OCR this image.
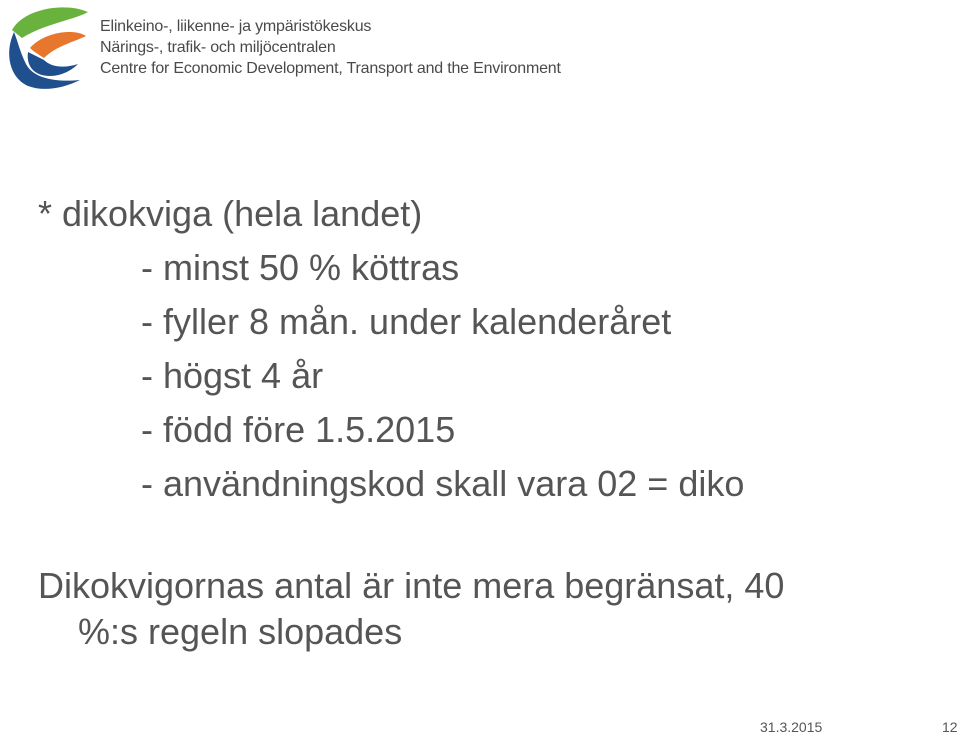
Elinkeino-, liikenne- ja ympäristökeskus
Närings-, trafik- och miljöcentralen
Centre for Economic Development, Transport and the Environment
* dikokviga (hela landet)
- minst 50 % köttras
- fyller 8 mån. under kalenderåret
- högst 4 år
- född före 1.5.2015
- användningskod skall vara 02 = diko
Dikokvigornas antal är inte mera begränsat, 40
%:s regeln slopades
31.3.2015	12
